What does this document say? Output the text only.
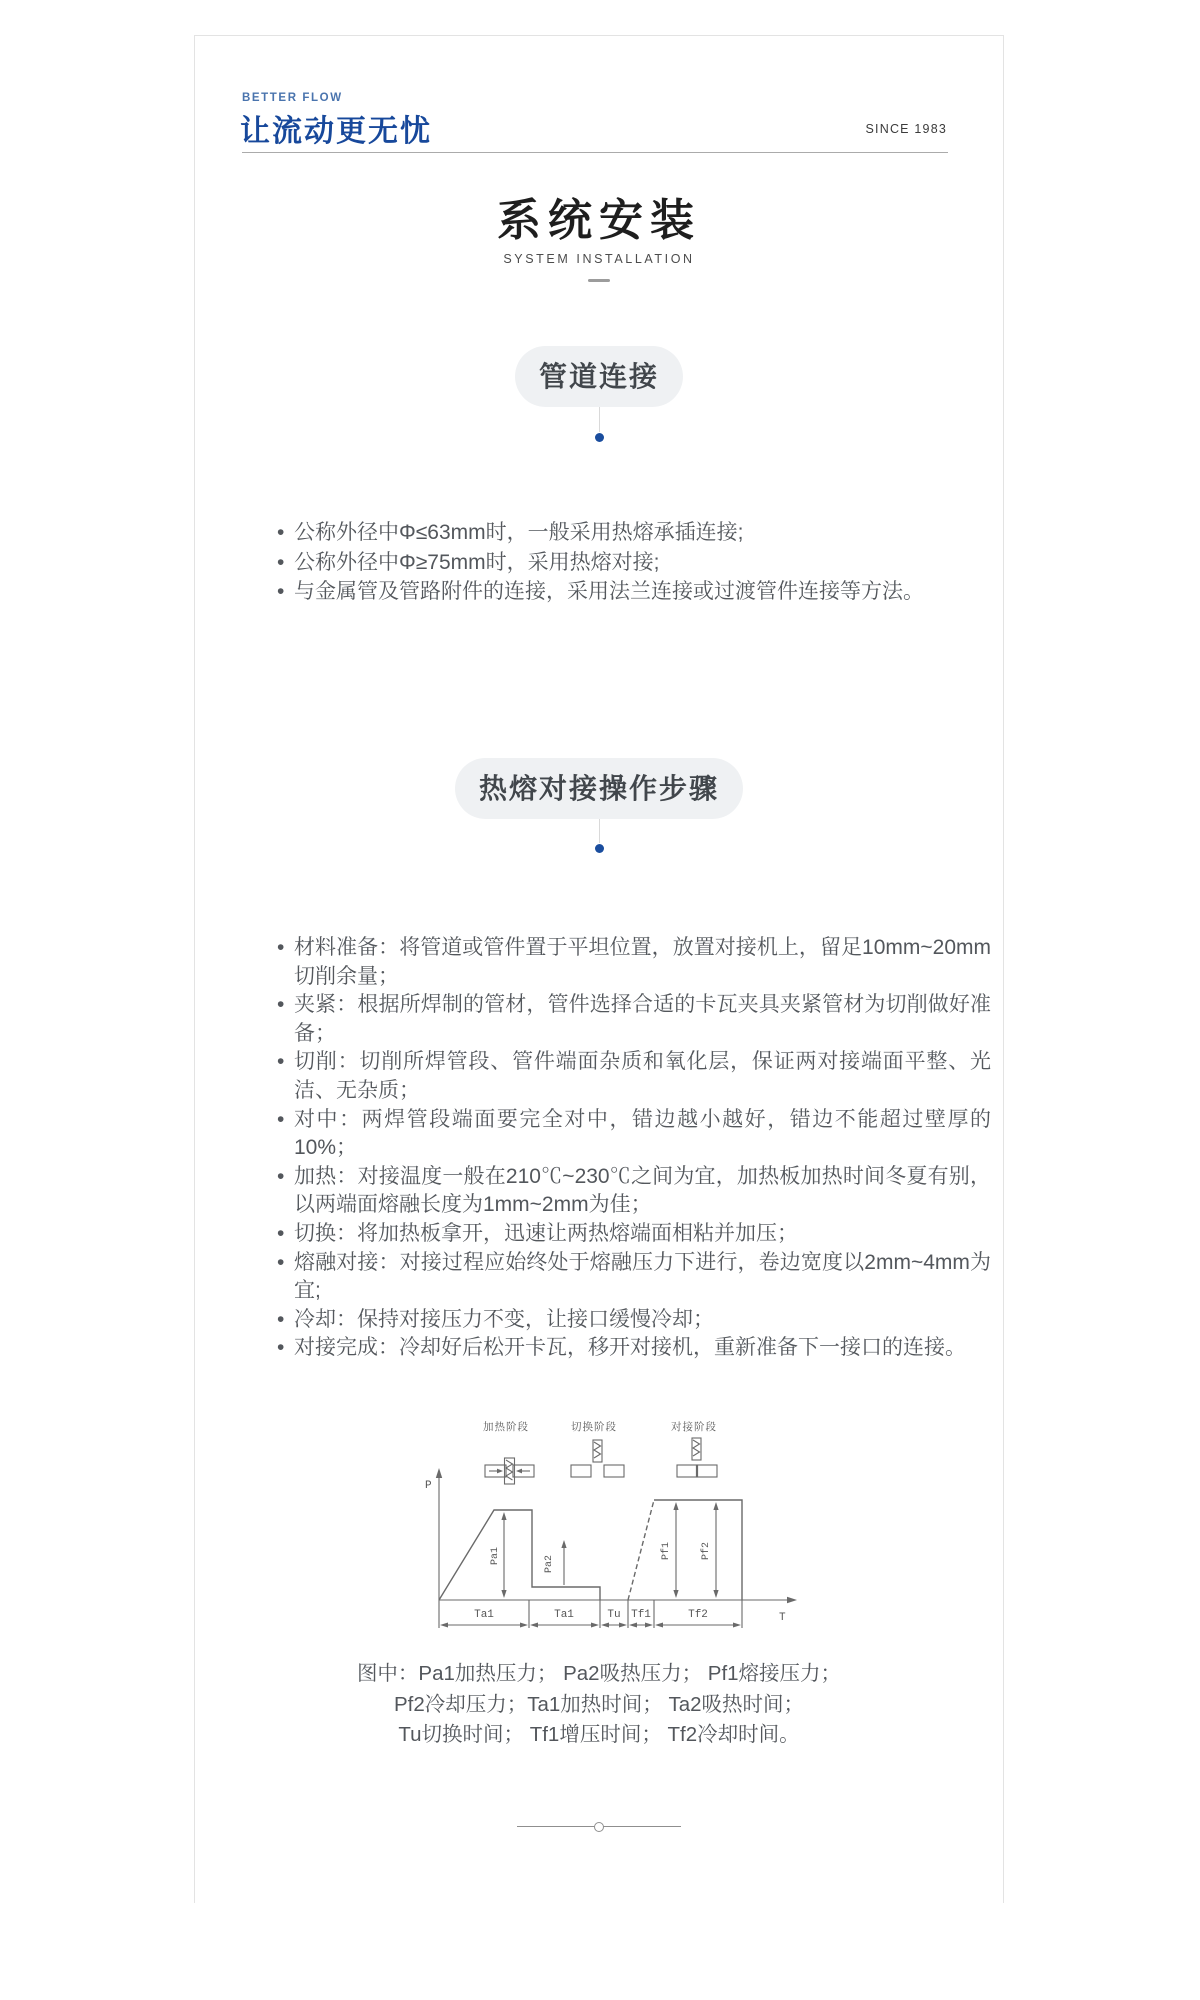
BETTER FLOW
让流动更无忧	SINCE 1983
系统安装
SYSTEM INSTALLATION
管道连接
• 公称外径中Φ≤63mm时，一般采用热熔承插连接;
• 公称外径中Φ≥75mm时，采用热熔对接;
• 与金属管及管路附件的连接，采用法兰连接或过渡管件连接等方法。
热熔对接操作步骤
• 材料准备：将管道或管件置于平坦位置，放置对接机上，留足10mm~20mm切削余量；
• 夹紧：根据所焊制的管材，管件选择合适的卡瓦夹具夹紧管材为切削做好准备；
• 切削：切削所焊管段、管件端面杂质和氧化层，保证两对接端面平整、光洁、无杂质；
• 对中：两焊管段端面要完全对中，错边越小越好，错边不能超过壁厚的10%；
• 加热：对接温度一般在210℃~230℃之间为宜，加热板加热时间冬夏有别，以两端面熔融长度为1mm~2mm为佳；
• 切换：将加热板拿开，迅速让两热熔端面相粘并加压；
• 熔融对接：对接过程应始终处于熔融压力下进行，卷边宽度以2mm~4mm为宜;
• 冷却：保持对接压力不变，让接口缓慢冷却；
• 对接完成：冷却好后松开卡瓦，移开对接机，重新准备下一接口的连接。
加热阶段	切换阶段	对接阶段
P
T
Pa1	Pa2
Pf1	Pf2
Ta1	Ta1	Tu Tf1	Tf2
图中：Pa1加热压力； Pa2吸热压力； Pf1熔接压力；
Pf2冷却压力；Ta1加热时间； Ta2吸热时间；
Tu切换时间； Tf1增压时间； Tf2冷却时间。
